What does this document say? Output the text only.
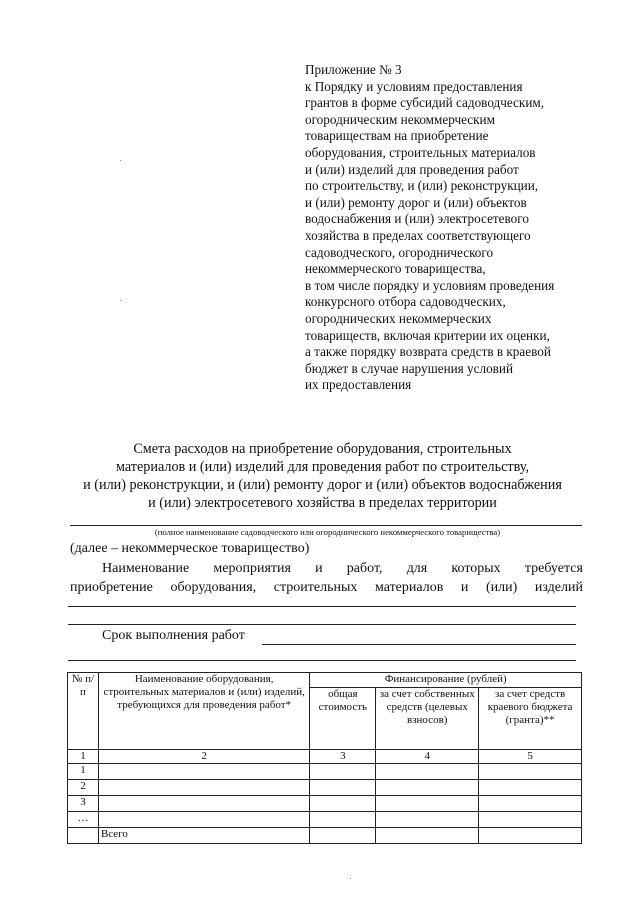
Приложение № 3
к Порядку и условиям предоставления
грантов в форме субсидий садоводческим,
огородническим некоммерческим
товариществам на приобретение
оборудования, строительных материалов
и (или) изделий для проведения работ
по строительству, и (или) реконструкции,
и (или) ремонту дорог и (или) объектов
водоснабжения и (или) электросетевого
хозяйства в пределах соответствующего
садоводческого, огороднического
некоммерческого товарищества,
в том числе порядку и условиям проведения
конкурсного отбора садоводческих,
огороднических некоммерческих
товариществ, включая критерии их оценки,
а также порядку возврата средств в краевой
бюджет в случае нарушения условий
их предоставления
Смета расходов на приобретение оборудования, строительных
материалов и (или) изделий для проведения работ по строительству,
и (или) реконструкции, и (или) ремонту дорог и (или) объектов водоснабжения
и (или) электросетевого хозяйства в пределах территории
(полное наименование садоводческого или огороднического некоммерческого товарищества)
(далее – некоммерческое товарищество)
Наименование мероприятия и работ, для которых требуется
приобретение оборудования, строительных материалов и (или) изделий
Срок выполнения работ
№ п/п	Наименование оборудования, строительных материалов и (или) изделий, требующихся для проведения работ*	Финансирование (рублей)		
		общая стоимость	за счет собственных средств (целевых взносов)	за счет средств краевого бюджета (гранта)**
1	2	3	4	5
1				
2				
3				
…				
	Всего			
